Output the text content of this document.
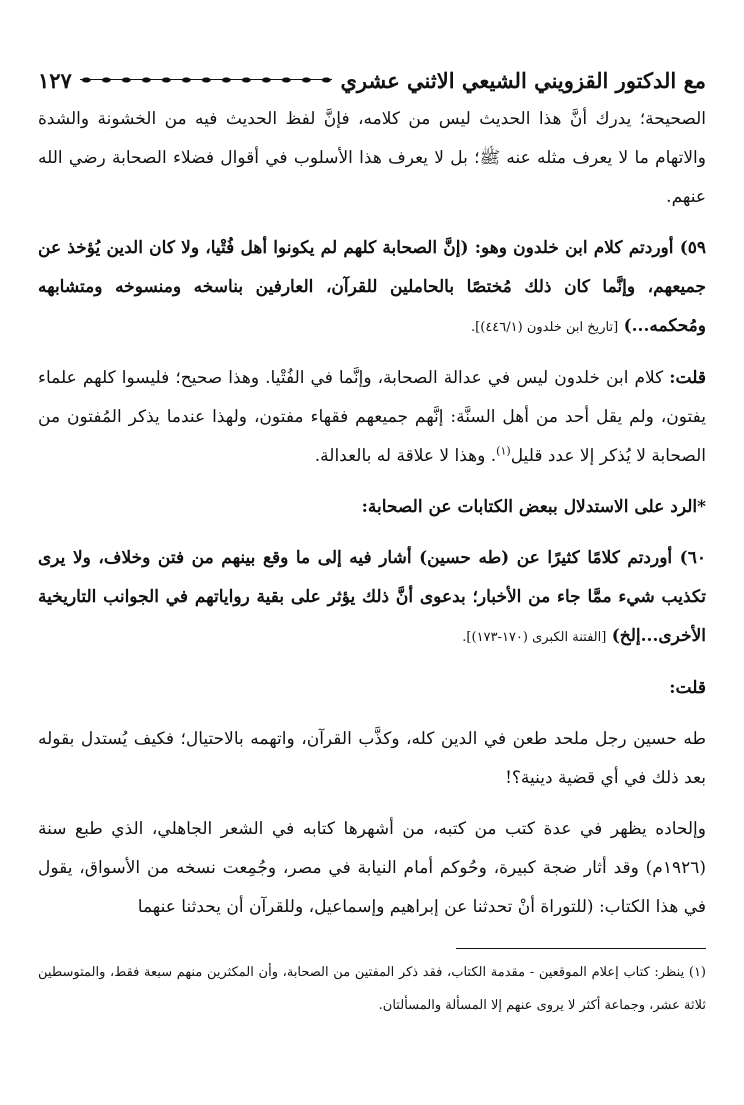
مع الدكتور القزويني الشيعي الاثني عشري
١٢٧

الصحيحة؛ يدرك أنَّ هذا الحديث ليس من كلامه، فإنَّ لفظ الحديث فيه من الخشونة والشدة والاتهام ما لا يعرف مثله عنه ﷺ؛ بل لا يعرف هذا الأسلوب في أقوال فضلاء الصحابة رضي الله عنهم.

٥٩) أوردتم كلام ابن خلدون وهو: (إنَّ الصحابة كلهم لم يكونوا أهل فُتْيا، ولا كان الدين يُؤخذ عن جميعهم، وإنَّما كان ذلك مُختصًا بالحاملين للقرآن، العارفين بناسخه ومنسوخه ومتشابهه ومُحكمه...) [تاريخ ابن خلدون (٤٤٦/١)].

قلت: كلام ابن خلدون ليس في عدالة الصحابة، وإنَّما في الفُتْيا. وهذا صحيح؛ فليسوا كلهم علماء يفتون، ولم يقل أحد من أهل السنَّة: إنَّهم جميعهم فقهاء مفتون، ولهذا عندما يذكر المُفتون من الصحابة لا يُذكر إلا عدد قليل$^{(١)}$. وهذا لا علاقة له بالعدالة.

*الرد على الاستدلال ببعض الكتابات عن الصحابة:

٦٠) أوردتم كلامًا كثيرًا عن (طه حسين) أشار فيه إلى ما وقع بينهم من فتن وخلاف، ولا يرى تكذيب شيء ممَّا جاء من الأخبار؛ بدعوى أنَّ ذلك يؤثر على بقية رواياتهم في الجوانب التاريخية الأخرى...إلخ) [الفتنة الكبرى (١٧٠-١٧٣)].

قلت:

طه حسين رجل ملحد طعن في الدين كله، وكذَّب القرآن، واتهمه بالاحتيال؛ فكيف يُستدل بقوله بعد ذلك في أي قضية دينية؟!

وإلحاده يظهر في عدة كتب من كتبه، من أشهرها كتابه في الشعر الجاهلي، الذي طبع سنة (١٩٢٦م) وقد أثار ضجة كبيرة، وحُوكم أمام النيابة في مصر، وجُمِعت نسخه من الأسواق، يقول في هذا الكتاب: (للتوراة أنْ تحدثنا عن إبراهيم وإسماعيل، وللقرآن أن يحدثنا عنهما

(١) ينظر: كتاب إعلام الموقعين - مقدمة الكتاب، فقد ذكر المفتين من الصحابة، وأن المكثرين منهم سبعة فقط، والمتوسطين ثلاثة عشر، وجماعة أكثر لا يروى عنهم إلا المسألة والمسألتان.
